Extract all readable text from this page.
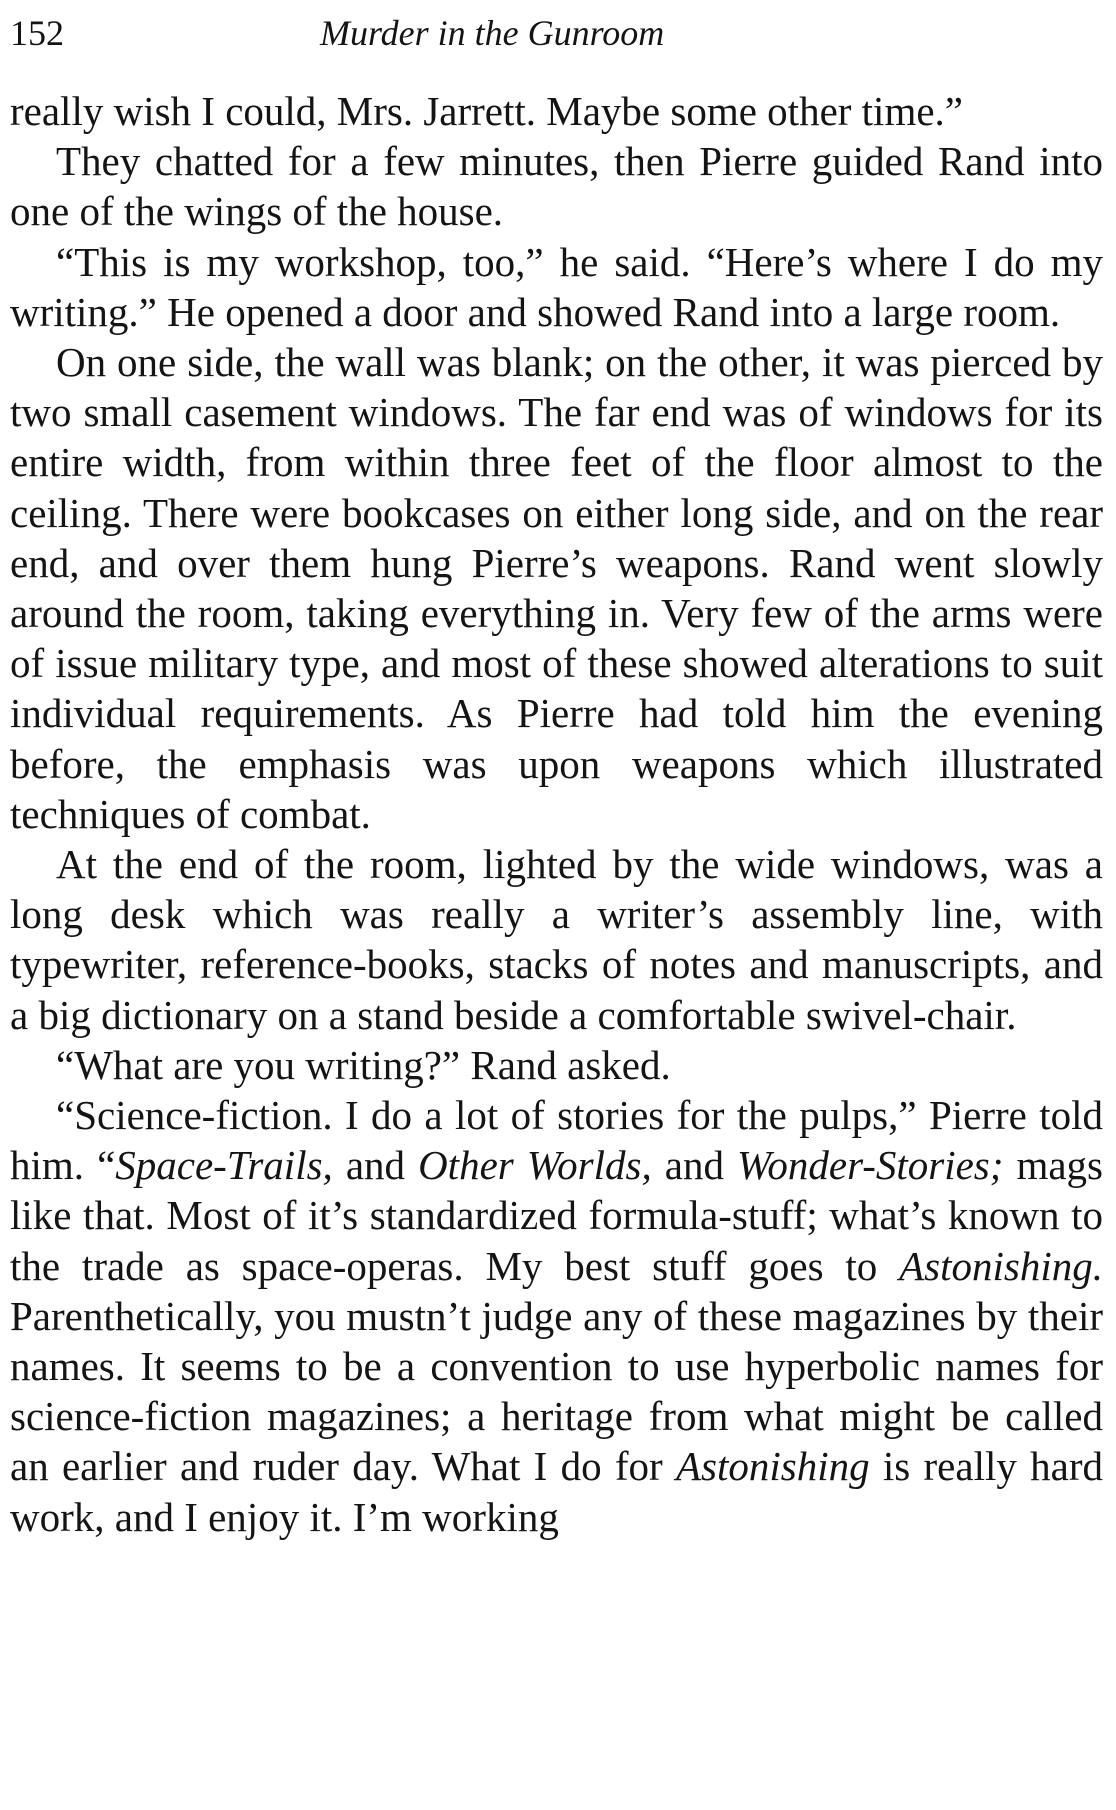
152	Murder in the Gunroom

really wish I could, Mrs. Jarrett. Maybe some other time.”

They chatted for a few minutes, then Pierre guided Rand into one of the wings of the house.

“This is my workshop, too,” he said. “Here’s where I do my writing.” He opened a door and showed Rand into a large room.

On one side, the wall was blank; on the other, it was pierced by two small casement windows. The far end was of windows for its entire width, from within three feet of the floor almost to the ceiling. There were bookcases on either long side, and on the rear end, and over them hung Pierre’s weapons. Rand went slowly around the room, taking everything in. Very few of the arms were of issue military type, and most of these showed alterations to suit individual requirements. As Pierre had told him the evening before, the emphasis was upon weapons which illustrated techniques of combat.

At the end of the room, lighted by the wide windows, was a long desk which was really a writer’s assembly line, with typewriter, reference-books, stacks of notes and manuscripts, and a big dictionary on a stand beside a comfortable swivel-chair.

“What are you writing?” Rand asked.

“Science-fiction. I do a lot of stories for the pulps,” Pierre told him. “Space-Trails, and Other Worlds, and Wonder-Stories; mags like that. Most of it’s standardized formula-stuff; what’s known to the trade as space-operas. My best stuff goes to Astonishing. Parenthetically, you mustn’t judge any of these magazines by their names. It seems to be a convention to use hyperbolic names for science-fiction magazines; a heritage from what might be called an earlier and ruder day. What I do for Astonishing is really hard work, and I enjoy it. I’m working
